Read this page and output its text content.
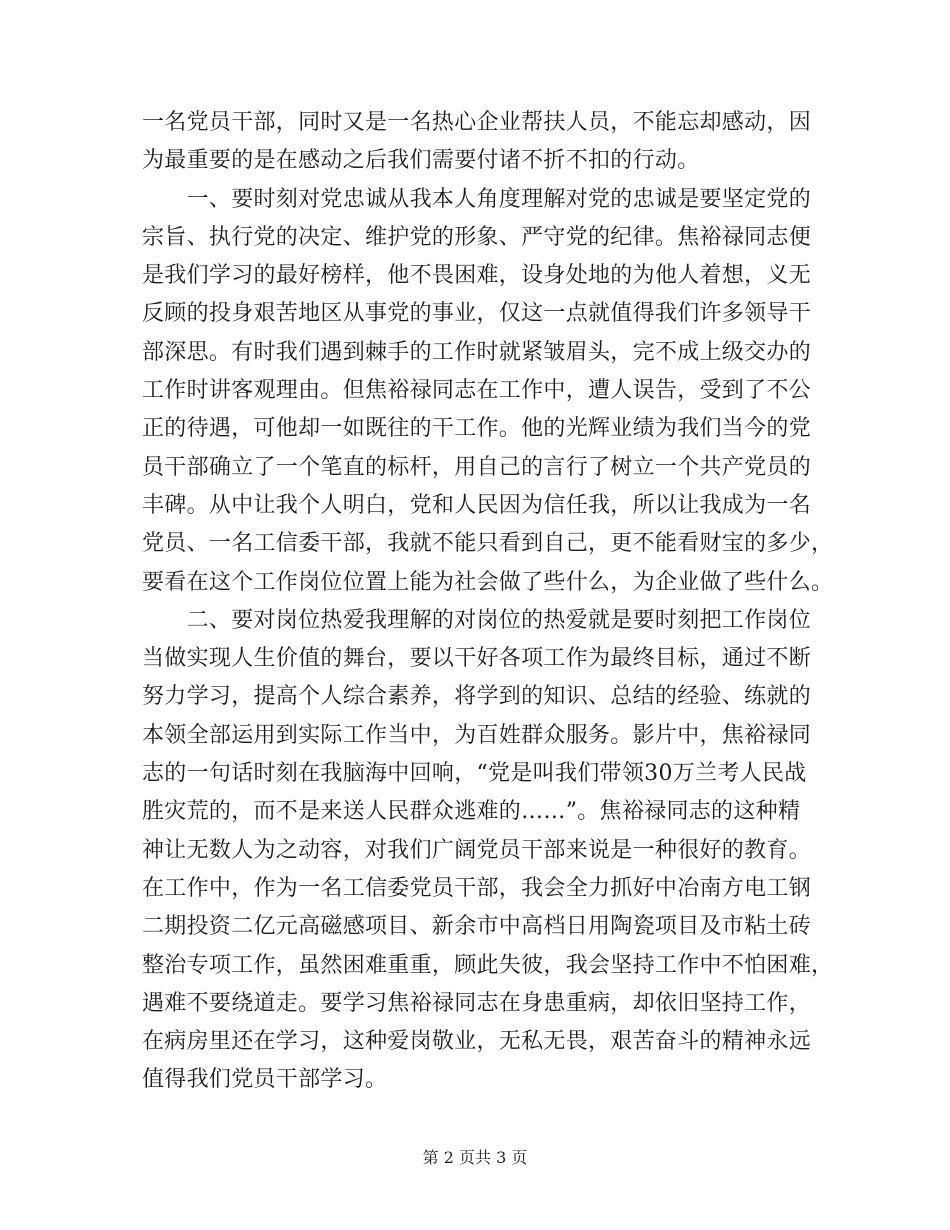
一名党员干部，同时又是一名热心企业帮扶人员，不能忘却感动，因
为最重要的是在感动之后我们需要付诸不折不扣的行动。
　　一、要时刻对党忠诚从我本人角度理解对党的忠诚是要坚定党的
宗旨、执行党的决定、维护党的形象、严守党的纪律。焦裕禄同志便
是我们学习的最好榜样，他不畏困难，设身处地的为他人着想，义无
反顾的投身艰苦地区从事党的事业，仅这一点就值得我们许多领导干
部深思。有时我们遇到棘手的工作时就紧皱眉头，完不成上级交办的
工作时讲客观理由。但焦裕禄同志在工作中，遭人误告，受到了不公
正的待遇，可他却一如既往的干工作。他的光辉业绩为我们当今的党
员干部确立了一个笔直的标杆，用自己的言行了树立一个共产党员的
丰碑。从中让我个人明白，党和人民因为信任我，所以让我成为一名
党员、一名工信委干部，我就不能只看到自己，更不能看财宝的多少，
要看在这个工作岗位位置上能为社会做了些什么，为企业做了些什么。
　　二、要对岗位热爱我理解的对岗位的热爱就是要时刻把工作岗位
当做实现人生价值的舞台，要以干好各项工作为最终目标，通过不断
努力学习，提高个人综合素养，将学到的知识、总结的经验、练就的
本领全部运用到实际工作当中，为百姓群众服务。影片中，焦裕禄同
志的一句话时刻在我脑海中回响，“党是叫我们带领30万兰考人民战
胜灾荒的，而不是来送人民群众逃难的……”。焦裕禄同志的这种精
神让无数人为之动容，对我们广阔党员干部来说是一种很好的教育。
在工作中，作为一名工信委党员干部，我会全力抓好中冶南方电工钢
二期投资二亿元高磁感项目、新余市中高档日用陶瓷项目及市粘土砖
整治专项工作，虽然困难重重，顾此失彼，我会坚持工作中不怕困难，
遇难不要绕道走。要学习焦裕禄同志在身患重病，却依旧坚持工作，
在病房里还在学习，这种爱岗敬业，无私无畏，艰苦奋斗的精神永远
值得我们党员干部学习。
第 2 页共 3 页
